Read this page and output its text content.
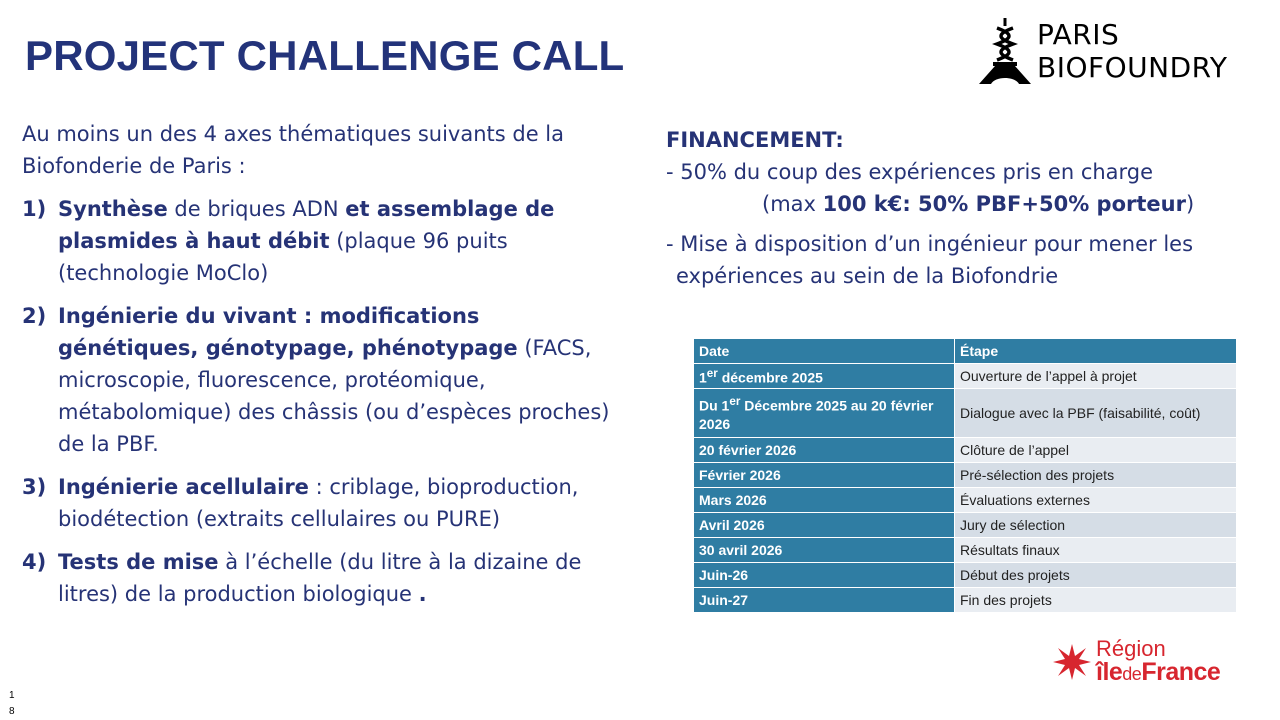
PROJECT CHALLENGE CALL	PARIS
BIOFOUNDRY

Au moins un des 4 axes thématiques suivants de la Biofonderie de Paris :

1) Synthèse de briques ADN et assemblage de plasmides à haut débit (plaque 96 puits (technologie MoClo)
2) Ingénierie du vivant : modifications génétiques, génotypage, phénotypage (FACS, microscopie, fluorescence, protéomique, métabolomique) des châssis (ou d’espèces proches) de la PBF.
3) Ingénierie acellulaire : criblage, bioproduction, biodétection (extraits cellulaires ou PURE)
4) Tests de mise à l’échelle (du litre à la dizaine de litres) de la production biologique .
FINANCEMENT:
- 50% du coup des expériences pris en charge
(max 100 k€: 50% PBF+50% porteur)
- Mise à disposition d’un ingénieur pour mener les
expériences au sein de la Biofondrie
Date	Étape
1er décembre 2025	Ouverture de l’appel à projet
Du 1er Décembre 2025 au 20 février 2026	Dialogue avec la PBF (faisabilité, coût)
20 février 2026	Clôture de l’appel
Février 2026	Pré-sélection des projets
Mars 2026	Évaluations externes
Avril 2026	Jury de sélection
30 avril 2026	Résultats finaux
Juin-26	Début des projets
Juin-27	Fin des projets
Région
îledeFrance
1
8
